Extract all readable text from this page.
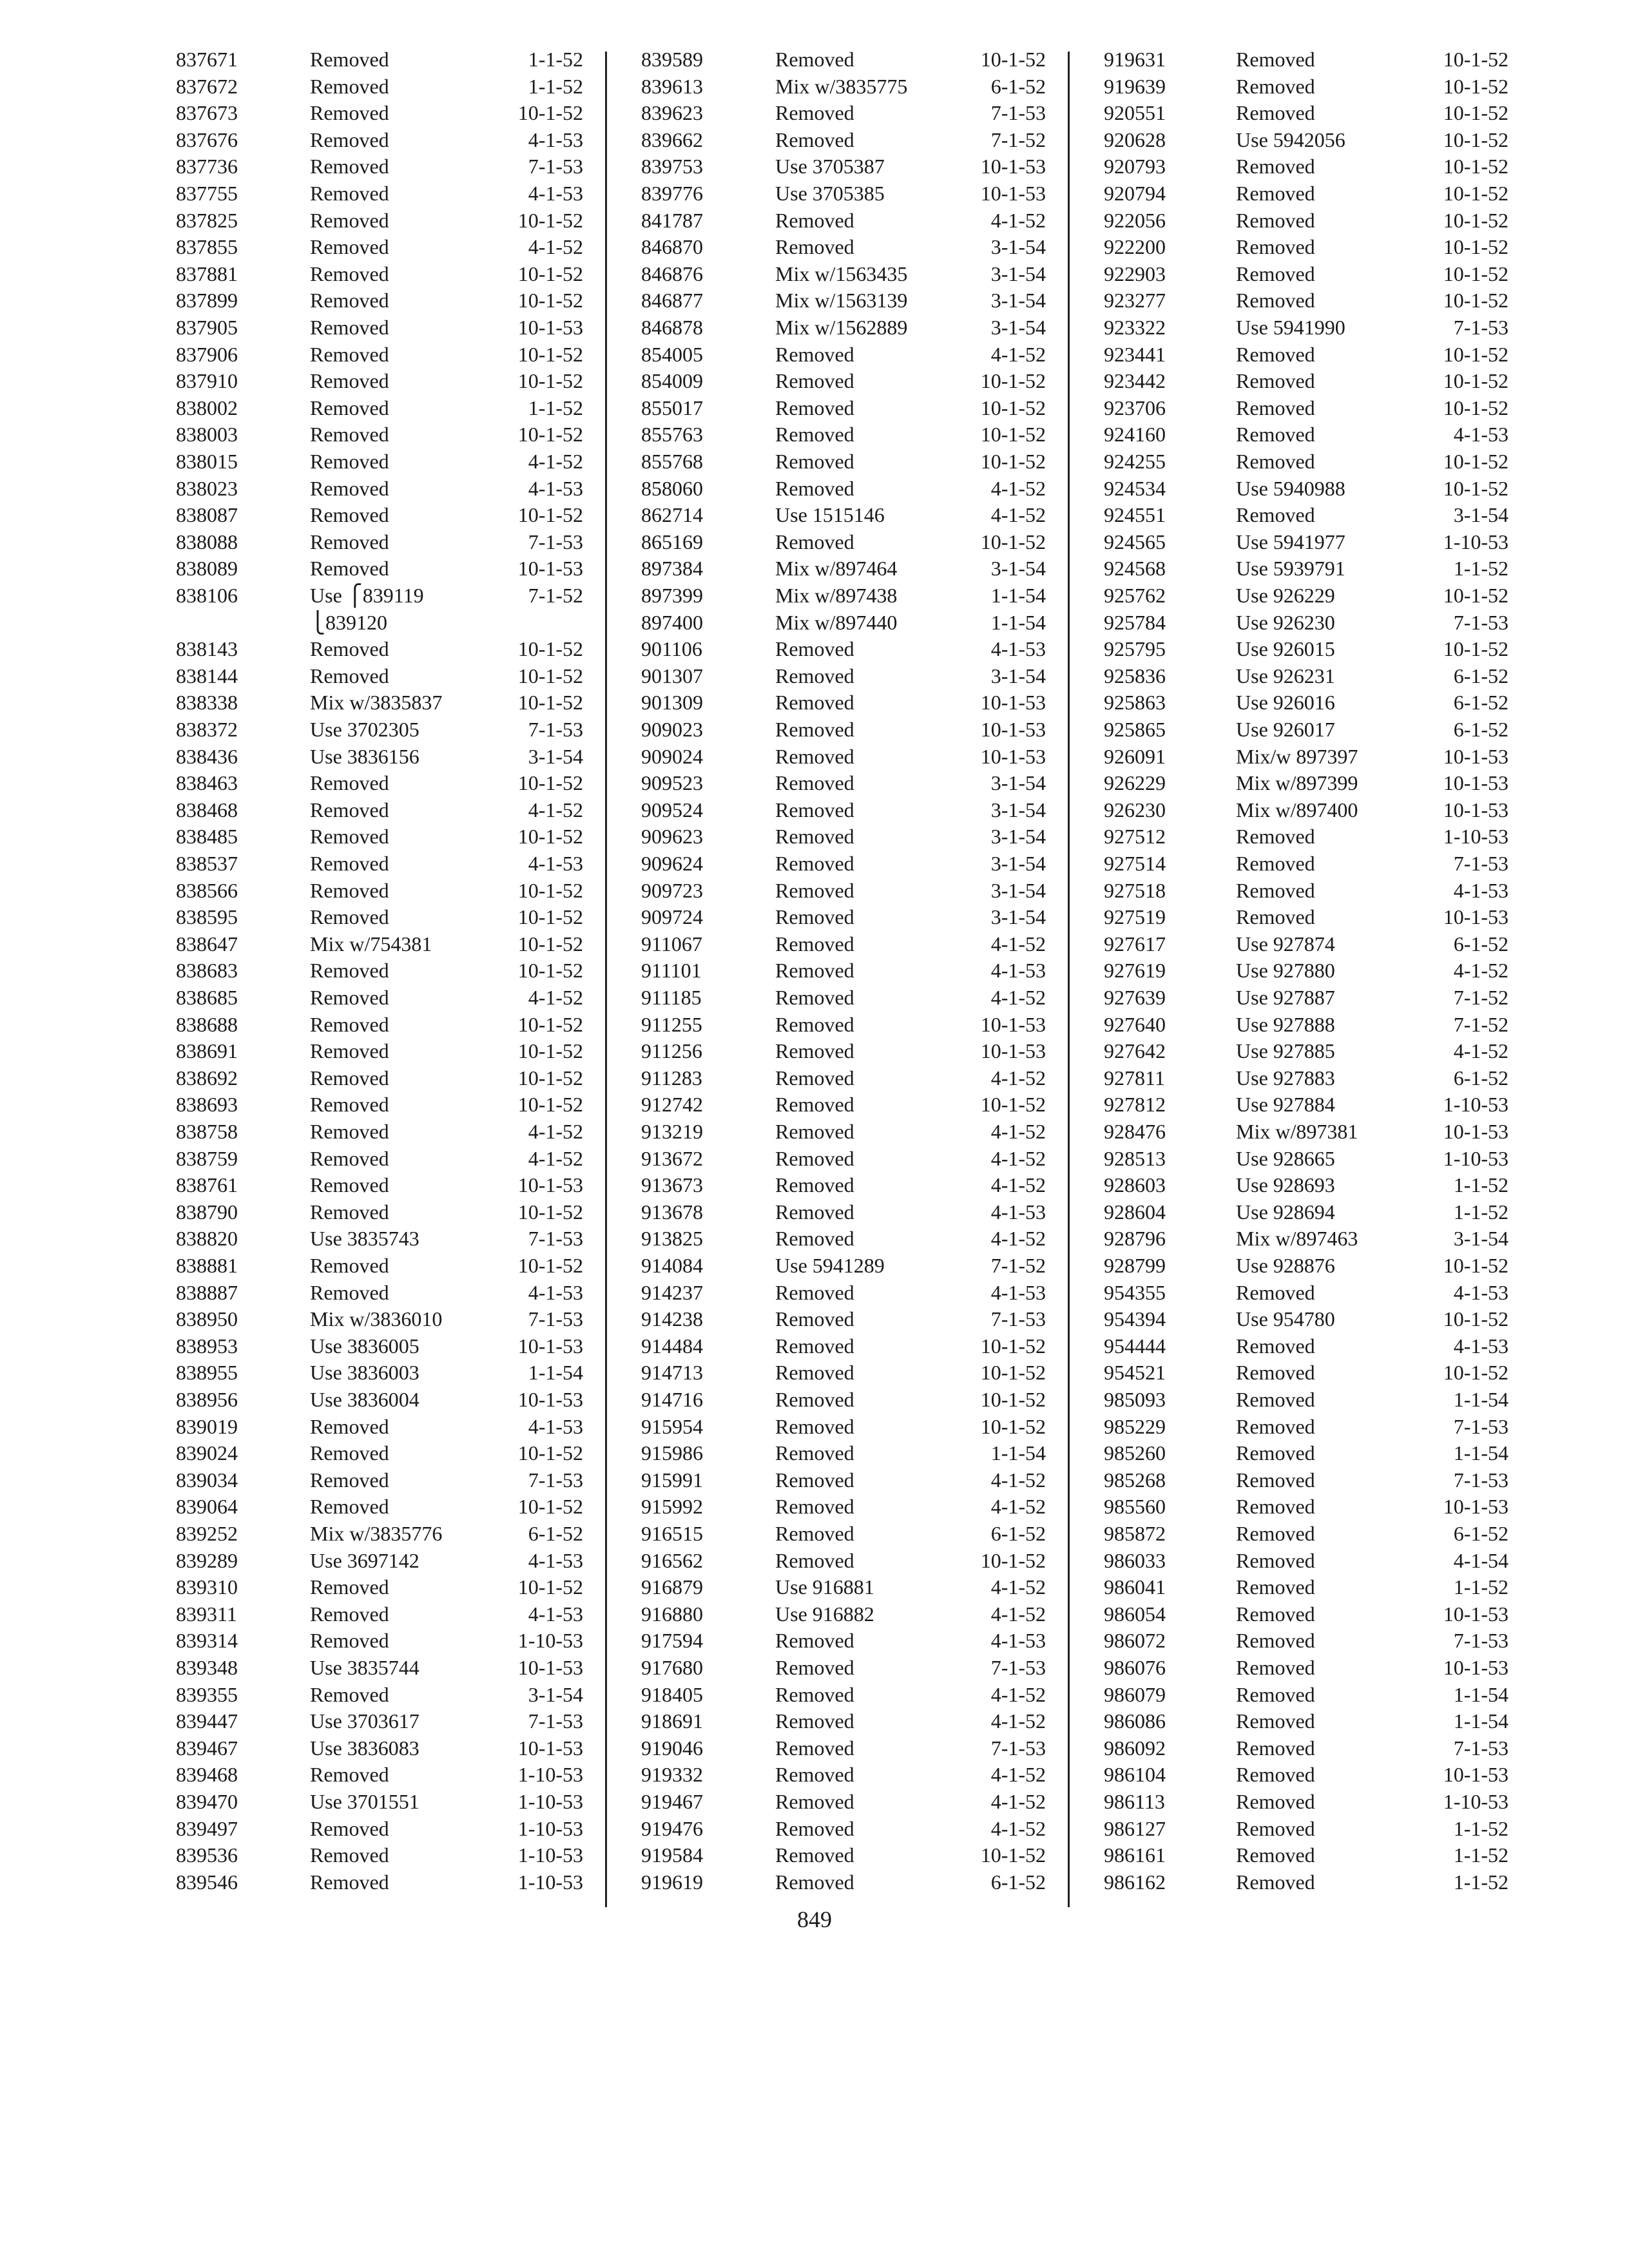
837671	Removed	1-1-52
837672	Removed	1-1-52
837673	Removed	10-1-52
837676	Removed	4-1-53
837736	Removed	7-1-53
837755	Removed	4-1-53
837825	Removed	10-1-52
837855	Removed	4-1-52
837881	Removed	10-1-52
837899	Removed	10-1-52
837905	Removed	10-1-53
837906	Removed	10-1-52
837910	Removed	10-1-52
838002	Removed	1-1-52
838003	Removed	10-1-52
838015	Removed	4-1-52
838023	Removed	4-1-53
838087	Removed	10-1-52
838088	Removed	7-1-53
838089	Removed	10-1-53
838106	Use ⎧839119	7-1-52
⎩839120
838143	Removed	10-1-52
838144	Removed	10-1-52
838338	Mix w/3835837	10-1-52
838372	Use 3702305	7-1-53
838436	Use 3836156	3-1-54
838463	Removed	10-1-52
838468	Removed	4-1-52
838485	Removed	10-1-52
838537	Removed	4-1-53
838566	Removed	10-1-52
838595	Removed	10-1-52
838647	Mix w/754381	10-1-52
838683	Removed	10-1-52
838685	Removed	4-1-52
838688	Removed	10-1-52
838691	Removed	10-1-52
838692	Removed	10-1-52
838693	Removed	10-1-52
838758	Removed	4-1-52
838759	Removed	4-1-52
838761	Removed	10-1-53
838790	Removed	10-1-52
838820	Use 3835743	7-1-53
838881	Removed	10-1-52
838887	Removed	4-1-53
838950	Mix w/3836010	7-1-53
838953	Use 3836005	10-1-53
838955	Use 3836003	1-1-54
838956	Use 3836004	10-1-53
839019	Removed	4-1-53
839024	Removed	10-1-52
839034	Removed	7-1-53
839064	Removed	10-1-52
839252	Mix w/3835776	6-1-52
839289	Use 3697142	4-1-53
839310	Removed	10-1-52
839311	Removed	4-1-53
839314	Removed	1-10-53
839348	Use 3835744	10-1-53
839355	Removed	3-1-54
839447	Use 3703617	7-1-53
839467	Use 3836083	10-1-53
839468	Removed	1-10-53
839470	Use 3701551	1-10-53
839497	Removed	1-10-53
839536	Removed	1-10-53
839546	Removed	1-10-53
839589	Removed	10-1-52
839613	Mix w/3835775	6-1-52
839623	Removed	7-1-53
839662	Removed	7-1-52
839753	Use 3705387	10-1-53
839776	Use 3705385	10-1-53
841787	Removed	4-1-52
846870	Removed	3-1-54
846876	Mix w/1563435	3-1-54
846877	Mix w/1563139	3-1-54
846878	Mix w/1562889	3-1-54
854005	Removed	4-1-52
854009	Removed	10-1-52
855017	Removed	10-1-52
855763	Removed	10-1-52
855768	Removed	10-1-52
858060	Removed	4-1-52
862714	Use 1515146	4-1-52
865169	Removed	10-1-52
897384	Mix w/897464	3-1-54
897399	Mix w/897438	1-1-54
897400	Mix w/897440	1-1-54
901106	Removed	4-1-53
901307	Removed	3-1-54
901309	Removed	10-1-53
909023	Removed	10-1-53
909024	Removed	10-1-53
909523	Removed	3-1-54
909524	Removed	3-1-54
909623	Removed	3-1-54
909624	Removed	3-1-54
909723	Removed	3-1-54
909724	Removed	3-1-54
911067	Removed	4-1-52
911101	Removed	4-1-53
911185	Removed	4-1-52
911255	Removed	10-1-53
911256	Removed	10-1-53
911283	Removed	4-1-52
912742	Removed	10-1-52
913219	Removed	4-1-52
913672	Removed	4-1-52
913673	Removed	4-1-52
913678	Removed	4-1-53
913825	Removed	4-1-52
914084	Use 5941289	7-1-52
914237	Removed	4-1-53
914238	Removed	7-1-53
914484	Removed	10-1-52
914713	Removed	10-1-52
914716	Removed	10-1-52
915954	Removed	10-1-52
915986	Removed	1-1-54
915991	Removed	4-1-52
915992	Removed	4-1-52
916515	Removed	6-1-52
916562	Removed	10-1-52
916879	Use 916881	4-1-52
916880	Use 916882	4-1-52
917594	Removed	4-1-53
917680	Removed	7-1-53
918405	Removed	4-1-52
918691	Removed	4-1-52
919046	Removed	7-1-53
919332	Removed	4-1-52
919467	Removed	4-1-52
919476	Removed	4-1-52
919584	Removed	10-1-52
919619	Removed	6-1-52
919631	Removed	10-1-52
919639	Removed	10-1-52
920551	Removed	10-1-52
920628	Use 5942056	10-1-52
920793	Removed	10-1-52
920794	Removed	10-1-52
922056	Removed	10-1-52
922200	Removed	10-1-52
922903	Removed	10-1-52
923277	Removed	10-1-52
923322	Use 5941990	7-1-53
923441	Removed	10-1-52
923442	Removed	10-1-52
923706	Removed	10-1-52
924160	Removed	4-1-53
924255	Removed	10-1-52
924534	Use 5940988	10-1-52
924551	Removed	3-1-54
924565	Use 5941977	1-10-53
924568	Use 5939791	1-1-52
925762	Use 926229	10-1-52
925784	Use 926230	7-1-53
925795	Use 926015	10-1-52
925836	Use 926231	6-1-52
925863	Use 926016	6-1-52
925865	Use 926017	6-1-52
926091	Mix/w 897397	10-1-53
926229	Mix w/897399	10-1-53
926230	Mix w/897400	10-1-53
927512	Removed	1-10-53
927514	Removed	7-1-53
927518	Removed	4-1-53
927519	Removed	10-1-53
927617	Use 927874	6-1-52
927619	Use 927880	4-1-52
927639	Use 927887	7-1-52
927640	Use 927888	7-1-52
927642	Use 927885	4-1-52
927811	Use 927883	6-1-52
927812	Use 927884	1-10-53
928476	Mix w/897381	10-1-53
928513	Use 928665	1-10-53
928603	Use 928693	1-1-52
928604	Use 928694	1-1-52
928796	Mix w/897463	3-1-54
928799	Use 928876	10-1-52
954355	Removed	4-1-53
954394	Use 954780	10-1-52
954444	Removed	4-1-53
954521	Removed	10-1-52
985093	Removed	1-1-54
985229	Removed	7-1-53
985260	Removed	1-1-54
985268	Removed	7-1-53
985560	Removed	10-1-53
985872	Removed	6-1-52
986033	Removed	4-1-54
986041	Removed	1-1-52
986054	Removed	10-1-53
986072	Removed	7-1-53
986076	Removed	10-1-53
986079	Removed	1-1-54
986086	Removed	1-1-54
986092	Removed	7-1-53
986104	Removed	10-1-53
986113	Removed	1-10-53
986127	Removed	1-1-52
986161	Removed	1-1-52
986162	Removed	1-1-52
849
